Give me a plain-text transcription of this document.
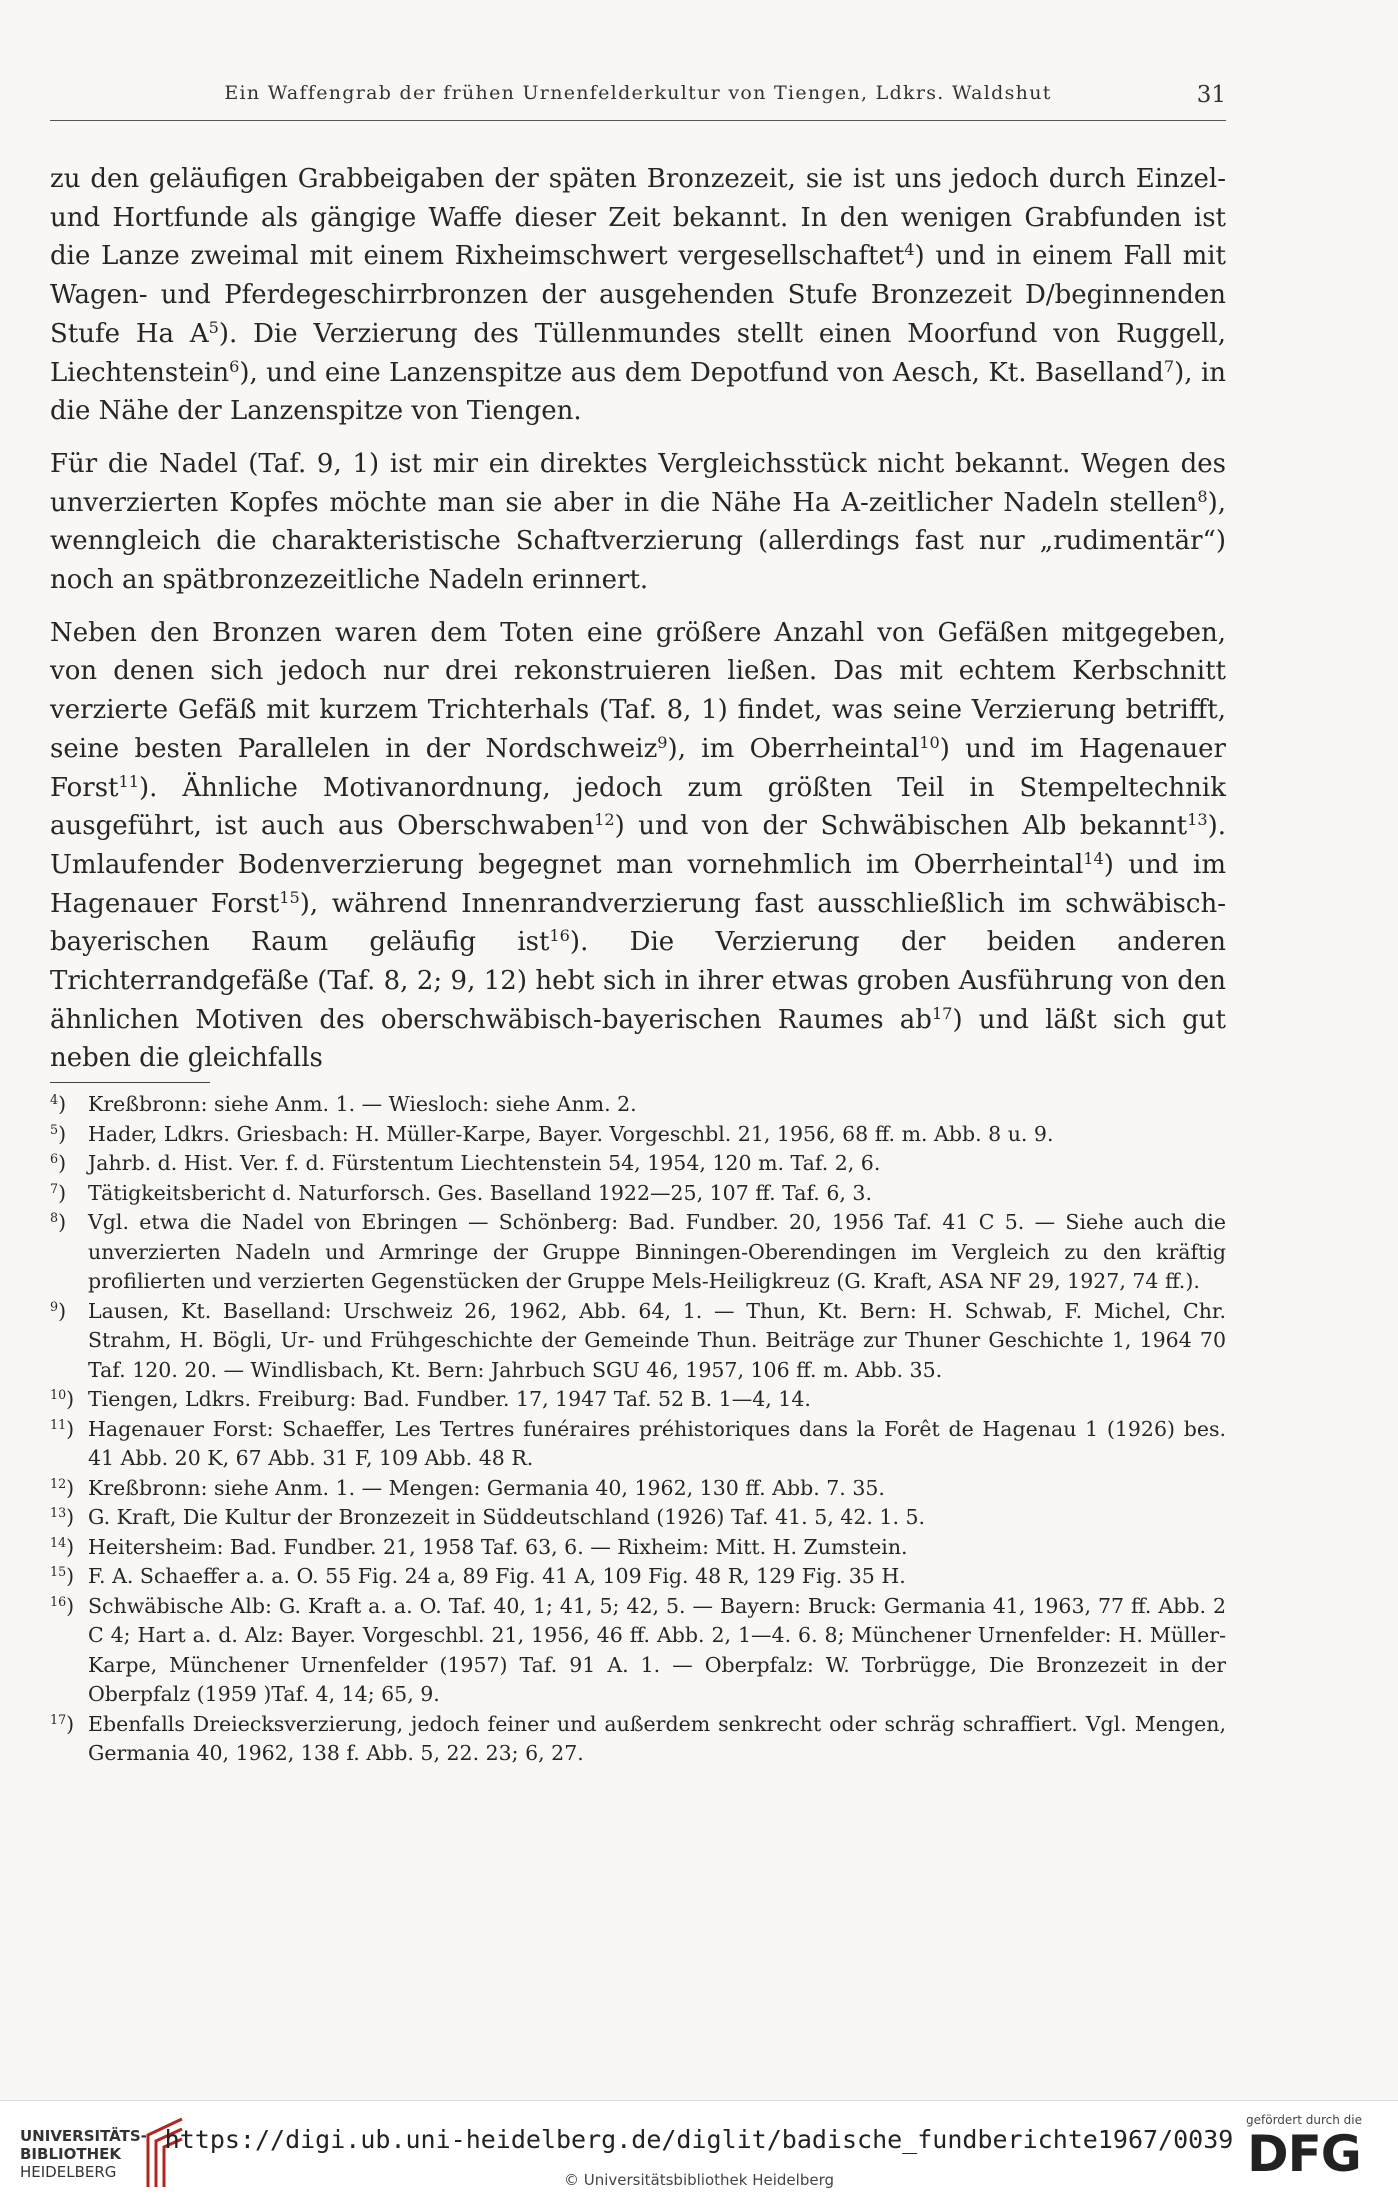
Ein Waffengrab der frühen Urnenfelderkultur von Tiengen, Ldkrs. Waldshut	31

zu den geläufigen Grabbeigaben der späten Bronzezeit, sie ist uns jedoch durch Einzel- und Hortfunde als gängige Waffe dieser Zeit bekannt. In den wenigen Grabfunden ist die Lanze zweimal mit einem Rixheimschwert vergesellschaftet$^4$) und in einem Fall mit Wagen- und Pferdegeschirrbronzen der ausgehenden Stufe Bronzezeit D/beginnenden Stufe Ha $A^5$). Die Verzierung des Tüllenmundes stellt einen Moorfund von Ruggell, Liechtenstein$^6$), und eine Lanzenspitze aus dem Depotfund von Aesch, Kt. Baselland$^7$), in die Nähe der Lanzenspitze von Tiengen.

Für die Nadel (Taf. 9, 1) ist mir ein direktes Vergleichsstück nicht bekannt. Wegen des unverzierten Kopfes möchte man sie aber in die Nähe Ha A-zeitlicher Nadeln stellen$^8$), wenngleich die charakteristische Schaftverzierung (allerdings fast nur „rudimentär“) noch an spätbronzezeitliche Nadeln erinnert.

Neben den Bronzen waren dem Toten eine größere Anzahl von Gefäßen mitgegeben, von denen sich jedoch nur drei rekonstruieren ließen. Das mit echtem Kerbschnitt verzierte Gefäß mit kurzem Trichterhals (Taf. 8, 1) findet, was seine Verzierung betrifft, seine besten Parallelen in der Nordschweiz$^9$), im Oberrheintal$^{10}$) und im Hagenauer Forst$^{11}$). Ähnliche Motivanordnung, jedoch zum größten Teil in Stempeltechnik ausgeführt, ist auch aus Oberschwaben$^{12}$) und von der Schwäbischen Alb bekannt$^{13}$). Umlaufender Bodenverzierung begegnet man vornehmlich im Oberrheintal$^{14}$) und im Hagenauer Forst$^{15}$), während Innenrandverzierung fast ausschließlich im schwäbisch-bayerischen Raum geläufig ist$^{16}$). Die Verzierung der beiden anderen Trichterrandgefäße (Taf. 8, 2; 9, 12) hebt sich in ihrer etwas groben Ausführung von den ähnlichen Motiven des oberschwäbisch-bayerischen Raumes $ab^{17}$) und läßt sich gut neben die gleichfalls

$^4$)	Kreßbronn: siehe Anm. 1. — Wiesloch: siehe Anm. 2.
$^5$)	Hader, Ldkrs. Griesbach: H. Müller-Karpe, Bayer. Vorgeschbl. 21, 1956, 68 ff. m. Abb. 8 u. 9.
$^6$)	Jahrb. d. Hist. Ver. f. d. Fürstentum Liechtenstein 54, 1954, 120 m. Taf. 2, 6.
$^7$)	Tätigkeitsbericht d. Naturforsch. Ges. Baselland 1922—25, 107 ff. Taf. 6, 3.
$^8$)	Vgl. etwa die Nadel von Ebringen — Schönberg: Bad. Fundber. 20, 1956 Taf. 41 C 5. — Siehe auch die unverzierten Nadeln und Armringe der Gruppe Binningen-Oberendingen im Vergleich zu den kräftig profilierten und verzierten Gegenstücken der Gruppe Mels-Heiligkreuz (G. Kraft, ASA NF 29, 1927, 74 ff.).
$^9$)	Lausen, Kt. Baselland: Urschweiz 26, 1962, Abb. 64, 1. — Thun, Kt. Bern: H. Schwab, F. Michel, Chr. Strahm, H. Bögli, Ur- und Frühgeschichte der Gemeinde Thun. Beiträge zur Thuner Geschichte 1, 1964 70 Taf. 120. 20. — Windlisbach, Kt. Bern: Jahrbuch SGU 46, 1957, 106 ff. m. Abb. 35.
$^{10}$) Tiengen, Ldkrs. Freiburg: Bad. Fundber. 17, 1947 Taf. 52 B. 1—4, 14.
$^{11}$) Hagenauer Forst: Schaeffer, Les Tertres funéraires préhistoriques dans la Forêt de Hagenau 1 (1926) bes. 41 Abb. 20 K, 67 Abb. 31 F, 109 Abb. 48 R.
$^{12}$) Kreßbronn: siehe Anm. 1. — Mengen: Germania 40, 1962, 130 ff. Abb. 7. 35.
$^{13}$) G. Kraft, Die Kultur der Bronzezeit in Süddeutschland (1926) Taf. 41. 5, 42. 1. 5.
$^{14}$) Heitersheim: Bad. Fundber. 21, 1958 Taf. 63, 6. — Rixheim: Mitt. H. Zumstein.
$^{15}$) F. A. Schaeffer a. a. O. 55 Fig. 24 a, 89 Fig. 41 A, 109 Fig. 48 R, 129 Fig. 35 H.
$^{16}$) Schwäbische Alb: G. Kraft a. a. O. Taf. 40, 1; 41, 5; 42, 5. — Bayern: Bruck: Germania 41, 1963, 77 ff. Abb. 2 C 4; Hart a. d. Alz: Bayer. Vorgeschbl. 21, 1956, 46 ff. Abb. 2, 1—4. 6. 8; Münchener Urnenfelder: H. Müller-Karpe, Münchener Urnenfelder (1957) Taf. 91 A. 1. — Oberpfalz: W. Torbrügge, Die Bronzezeit in der Oberpfalz (1959 )Taf. 4, 14; 65, 9.
$^{17}$) Ebenfalls Dreiecksverzierung, jedoch feiner und außerdem senkrecht oder schräg schraffiert. Vgl. Mengen, Germania 40, 1962, 138 f. Abb. 5, 22. 23; 6, 27.
UNIVERSITÄTS-
BIBLIOTHEK
HEIDELBERG
https://digi.ub.uni-heidelberg.de/diglit/badische_fundberichte1967/0039
© Universitätsbibliothek Heidelberg
gefördert durch die
DFG
